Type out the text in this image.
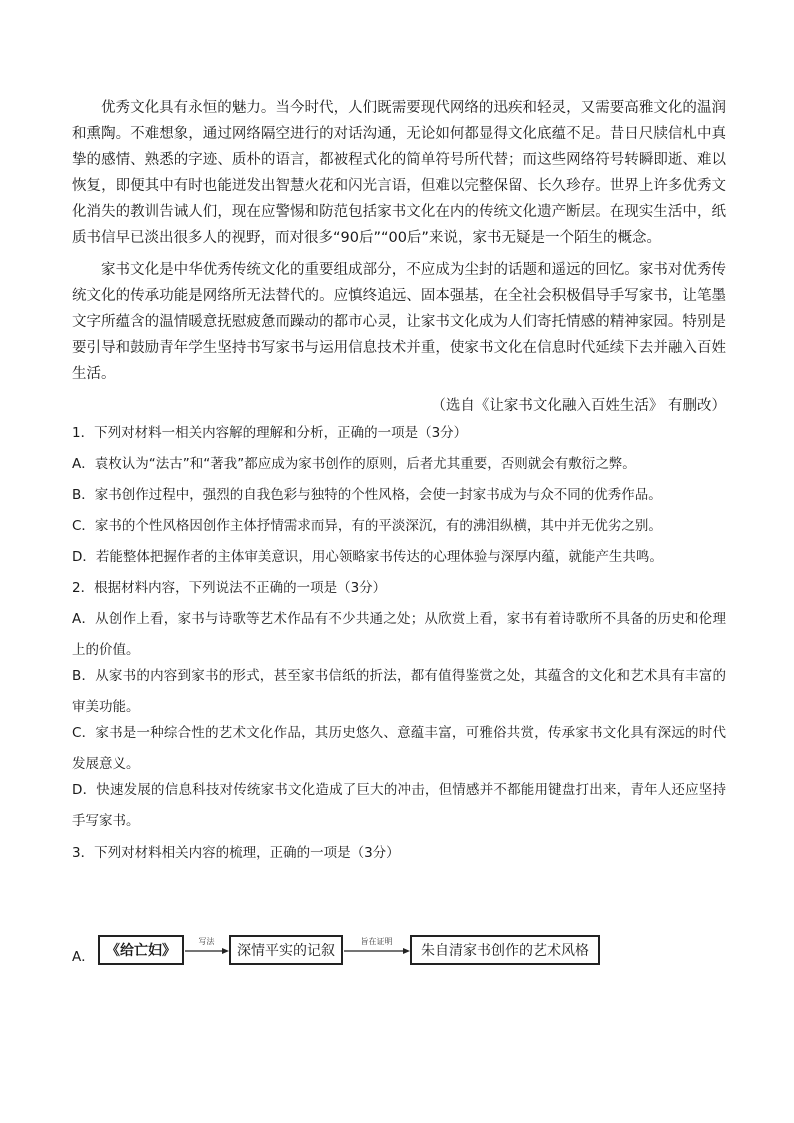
优秀文化具有永恒的魅力。当今时代，人们既需要现代网络的迅疾和轻灵，又需要高雅文化的温润和熏陶。不难想象，通过网络隔空进行的对话沟通，无论如何都显得文化底蕴不足。昔日尺牍信札中真挚的感情、熟悉的字迹、质朴的语言，都被程式化的简单符号所代替；而这些网络符号转瞬即逝、难以恢复，即便其中有时也能迸发出智慧火花和闪光言语，但难以完整保留、长久珍存。世界上许多优秀文化消失的教训告诫人们，现在应警惕和防范包括家书文化在内的传统文化遗产断层。在现实生活中，纸质书信早已淡出很多人的视野，而对很多“90后”“00后”来说，家书无疑是一个陌生的概念。

家书文化是中华优秀传统文化的重要组成部分，不应成为尘封的话题和遥远的回忆。家书对优秀传统文化的传承功能是网络所无法替代的。应慎终追远、固本强基，在全社会积极倡导手写家书，让笔墨文字所蕴含的温情暖意抚慰疲惫而躁动的都市心灵，让家书文化成为人们寄托情感的精神家园。特别是要引导和鼓励青年学生坚持书写家书与运用信息技术并重，使家书文化在信息时代延续下去并融入百姓生活。

（选自《让家书文化融入百姓生活》 有删改）

1．下列对材料一相关内容解的理解和分析，正确的一项是（3分）

A．袁枚认为“法古”和“著我”都应成为家书创作的原则，后者尤其重要，否则就会有敷衍之弊。

B．家书创作过程中，强烈的自我色彩与独特的个性风格，会使一封家书成为与众不同的优秀作品。

C．家书的个性风格因创作主体抒情需求而异，有的平淡深沉，有的沸泪纵横，其中并无优劣之别。

D．若能整体把握作者的主体审美意识，用心领略家书传达的心理体验与深厚内蕴，就能产生共鸣。

2．根据材料内容，下列说法不正确的一项是（3分）

A．从创作上看，家书与诗歌等艺术作品有不少共通之处；从欣赏上看，家书有着诗歌所不具备的历史和伦理上的价值。

B．从家书的内容到家书的形式，甚至家书信纸的折法，都有值得鉴赏之处，其蕴含的文化和艺术具有丰富的审美功能。

C．家书是一种综合性的艺术文化作品，其历史悠久、意蕴丰富，可雅俗共赏，传承家书文化具有深远的时代发展意义。

D．快速发展的信息科技对传统家书文化造成了巨大的冲击，但情感并不都能用键盘打出来，青年人还应坚持手写家书。

3．下列对材料相关内容的梳理，正确的一项是（3分）

A． 《给亡妇》
写法
深情平实的记叙
旨在证明
朱自清家书创作的艺术风格
